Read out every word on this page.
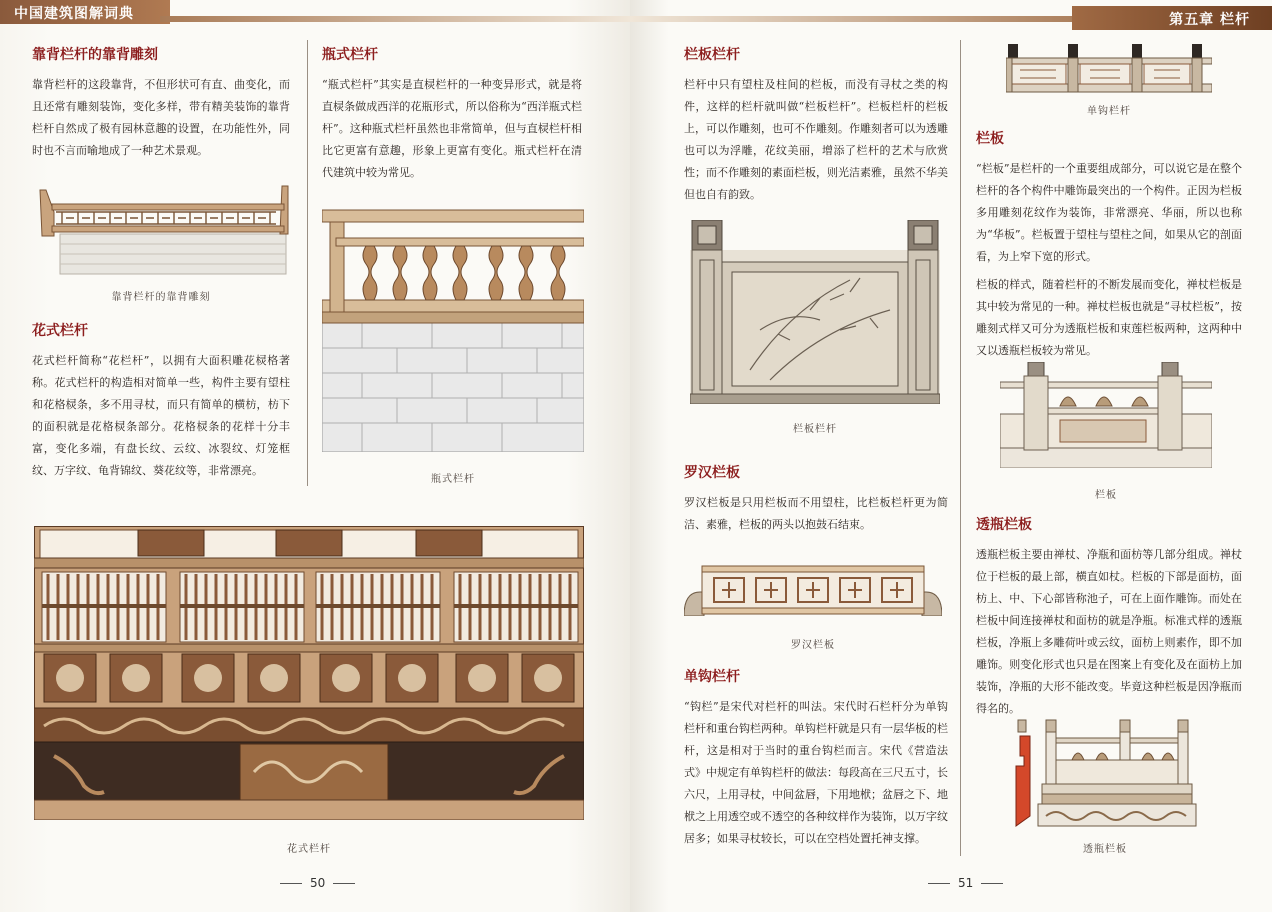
中国建筑图解词典
靠背栏杆的靠背雕刻

靠背栏杆的这段靠背，不但形状可有直、曲变化，而且还常有雕刻装饰，变化多样，带有精美装饰的靠背栏杆自然成了极有园林意趣的设置，在功能性外，同时也不言而喻地成了一种艺术景观。

靠背栏杆的靠背雕刻
花式栏杆

花式栏杆简称“花栏杆”，以拥有大面积雕花棂格著称。花式栏杆的构造相对简单一些，构件主要有望柱和花格棂条，多不用寻杖，而只有简单的横枋，枋下的面积就是花格棂条部分。花格棂条的花样十分丰富，变化多端，有盘长纹、云纹、冰裂纹、灯笼框纹、万字纹、龟背锦纹、葵花纹等，非常漂亮。

瓶式栏杆

“瓶式栏杆”其实是直棂栏杆的一种变异形式，就是将直棂条做成西洋的花瓶形式，所以俗称为“西洋瓶式栏杆”。这种瓶式栏杆虽然也非常简单，但与直棂栏杆相比它更富有意趣，形象上更富有变化。瓶式栏杆在清代建筑中较为常见。

瓶式栏杆
花式栏杆
50
第五章 栏杆
栏板栏杆

栏杆中只有望柱及柱间的栏板，而没有寻杖之类的构件，这样的栏杆就叫做“栏板栏杆”。栏板栏杆的栏板上，可以作雕刻，也可不作雕刻。作雕刻者可以为透雕也可以为浮雕，花纹美丽，增添了栏杆的艺术与欣赏性；而不作雕刻的素面栏板，则光洁素雅，虽然不华美但也自有韵致。

栏板栏杆
罗汉栏板

罗汉栏板是只用栏板而不用望柱，比栏板栏杆更为简洁、素雅，栏板的两头以抱鼓石结束。

罗汉栏板
单钩栏杆

“钩栏”是宋代对栏杆的叫法。宋代时石栏杆分为单钩栏杆和重台钩栏两种。单钩栏杆就是只有一层华板的栏杆，这是相对于当时的重台钩栏而言。宋代《营造法式》中规定有单钩栏杆的做法：每段高在三尺五寸，长六尺，上用寻杖，中间盆唇，下用地栿；盆唇之下、地栿之上用透空或不透空的各种纹样作为装饰，以万字纹居多；如果寻杖较长，可以在空档处置托神支撑。

单钩栏杆
栏板

“栏板”是栏杆的一个重要组成部分，可以说它是在整个栏杆的各个构件中雕饰最突出的一个构件。正因为栏板多用雕刻花纹作为装饰，非常漂亮、华丽，所以也称为“华板”。栏板置于望柱与望柱之间，如果从它的剖面看，为上窄下宽的形式。

栏板的样式，随着栏杆的不断发展而变化，禅杖栏板是其中较为常见的一种。禅杖栏板也就是“寻杖栏板”，按雕刻式样又可分为透瓶栏板和束莲栏板两种，这两种中又以透瓶栏板较为常见。

栏板
透瓶栏板

透瓶栏板主要由禅杖、净瓶和面枋等几部分组成。禅杖位于栏板的最上部，横直如杖。栏板的下部是面枋，面枋上、中、下心部皆称池子，可在上面作雕饰。而处在栏板中间连接禅杖和面枋的就是净瓶。标准式样的透瓶栏板，净瓶上多雕荷叶或云纹，面枋上则素作，即不加雕饰。则变化形式也只是在图案上有变化及在面枋上加装饰，净瓶的大形不能改变。毕竟这种栏板是因净瓶而得名的。

透瓶栏板
51
